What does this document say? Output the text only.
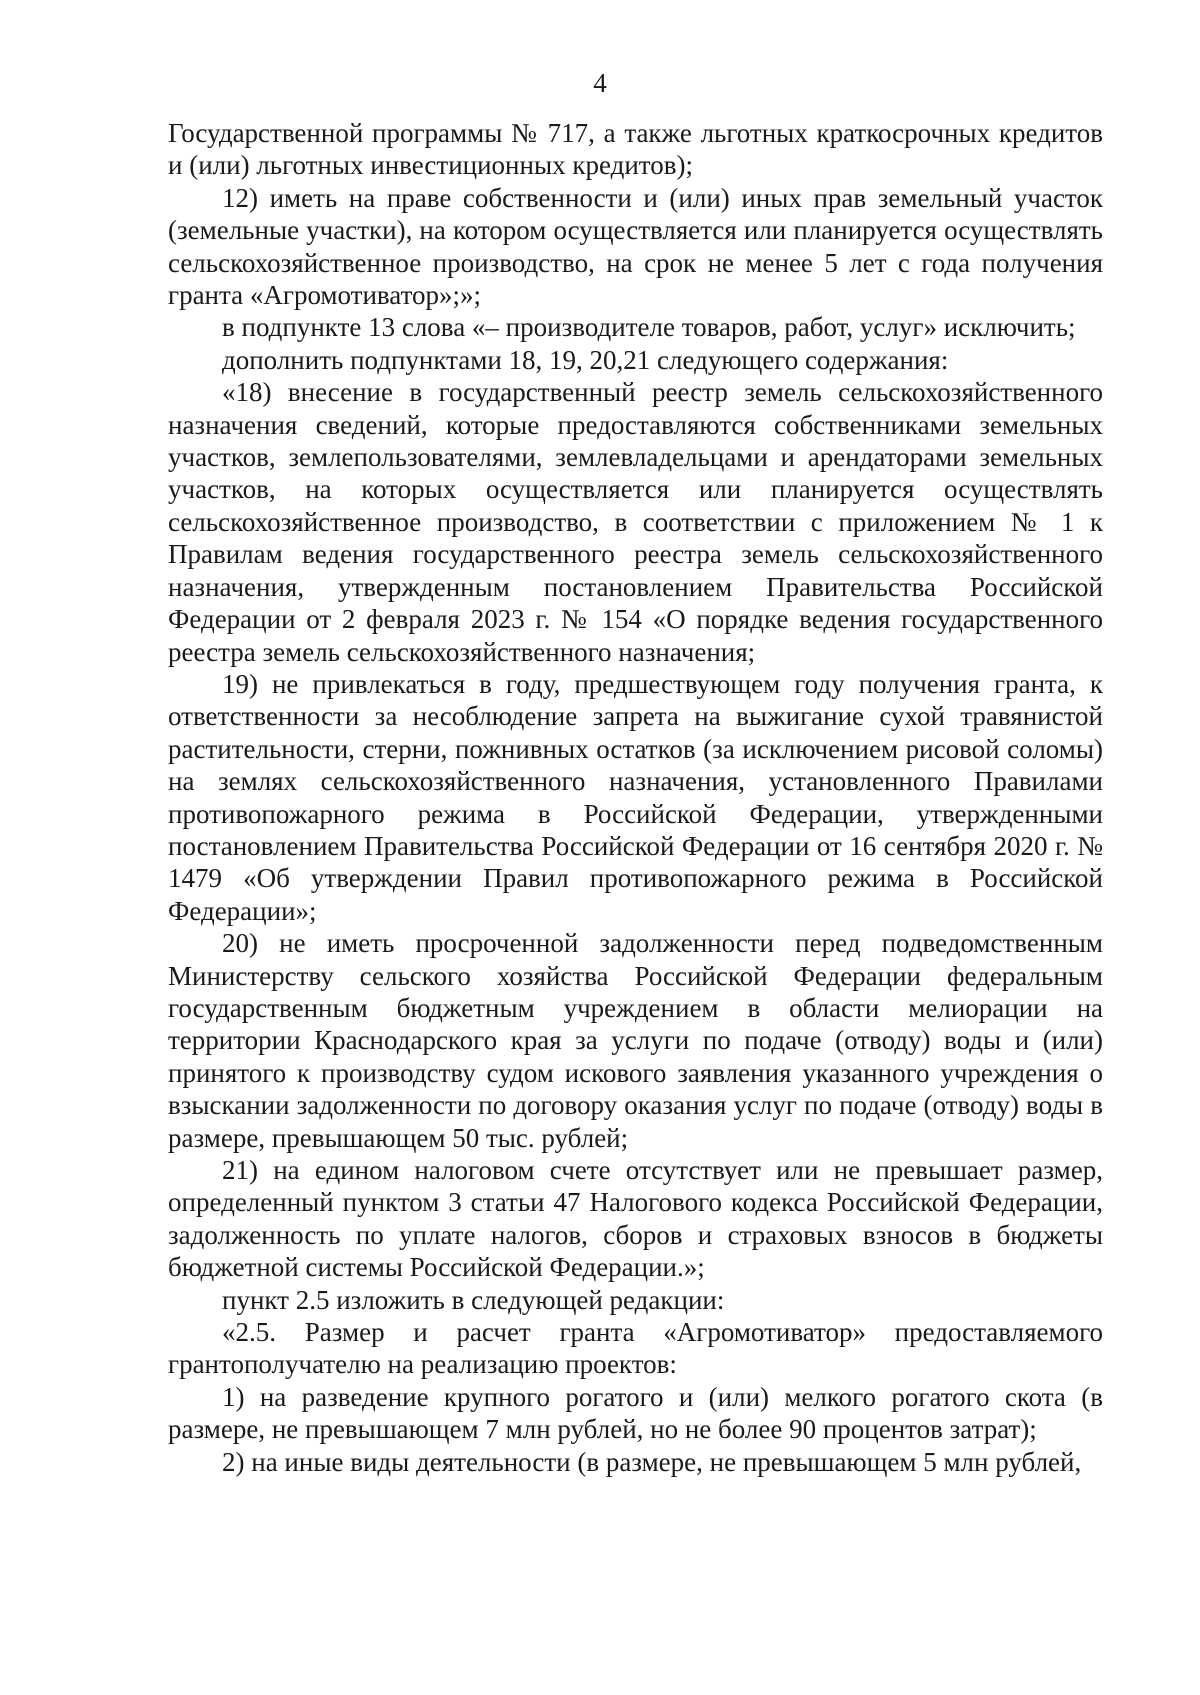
4

Государственной программы № 717, а также льготных краткосрочных кредитов и (или) льготных инвестиционных кредитов);

12) иметь на праве собственности и (или) иных прав земельный участок (земельные участки), на котором осуществляется или планируется осуществлять сельскохозяйственное производство, на срок не менее 5 лет с года получения гранта «Агромотиватор»;»;

в подпункте 13 слова «– производителе товаров, работ, услуг» исключить;

дополнить подпунктами 18, 19, 20,21 следующего содержания:

«18) внесение в государственный реестр земель сельскохозяйственного назначения сведений, которые предоставляются собственниками земельных участков, землепользователями, землевладельцами и арендаторами земельных участков, на которых осуществляется или планируется осуществлять сельскохозяйственное производство, в соответствии с приложением № 1 к Правилам ведения государственного реестра земель сельскохозяйственного назначения, утвержденным постановлением Правительства Российской Федерации от 2 февраля 2023 г. № 154 «О порядке ведения государственного реестра земель сельскохозяйственного назначения;

19) не привлекаться в году, предшествующем году получения гранта, к ответственности за несоблюдение запрета на выжигание сухой травянистой растительности, стерни, пожнивных остатков (за исключением рисовой соломы) на землях сельскохозяйственного назначения, установленного Правилами противопожарного режима в Российской Федерации, утвержденными постановлением Правительства Российской Федерации от 16 сентября 2020 г. № 1479 «Об утверждении Правил противопожарного режима в Российской Федерации»;

20) не иметь просроченной задолженности перед подведомственным Министерству сельского хозяйства Российской Федерации федеральным государственным бюджетным учреждением в области мелиорации на территории Краснодарского края за услуги по подаче (отводу) воды и (или) принятого к производству судом искового заявления указанного учреждения о взыскании задолженности по договору оказания услуг по подаче (отводу) воды в размере, превышающем 50 тыс. рублей;

21) на едином налоговом счете отсутствует или не превышает размер, определенный пунктом 3 статьи 47 Налогового кодекса Российской Федерации, задолженность по уплате налогов, сборов и страховых взносов в бюджеты бюджетной системы Российской Федерации.»;

пункт 2.5 изложить в следующей редакции:

«2.5. Размер и расчет гранта «Агромотиватор» предоставляемого грантополучателю на реализацию проектов:

1) на разведение крупного рогатого и (или) мелкого рогатого скота (в размере, не превышающем 7 млн рублей, но не более 90 процентов затрат);

2) на иные виды деятельности (в размере, не превышающем 5 млн рублей,
